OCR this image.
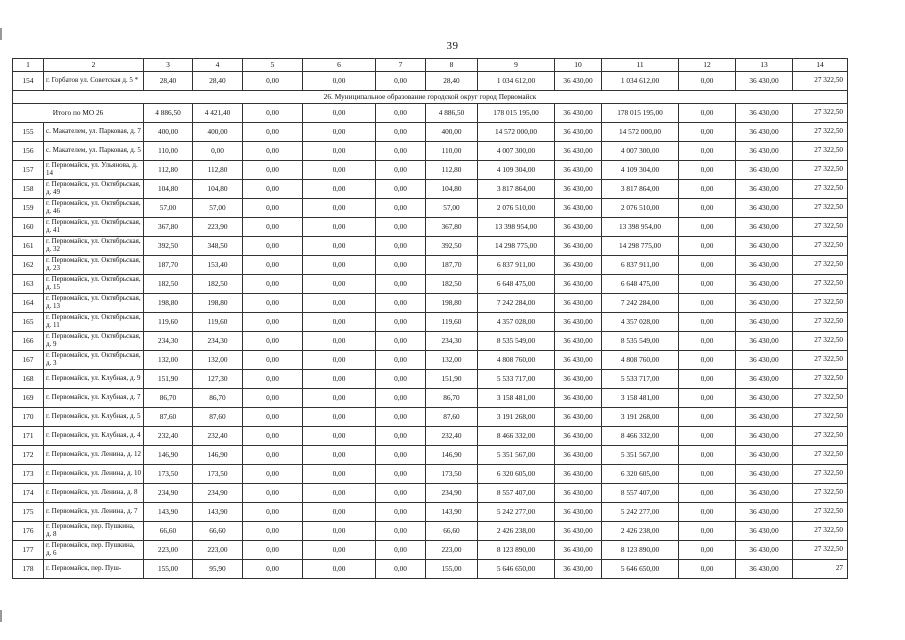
39
1	2	3	4	5	6	7	8	9	10	11	12	13	14
154	г. Горбатов ул. Советская д. 5 *	28,40	28,40	0,00	0,00	0,00	28,40	1 034 612,00	36 430,00	1 034 612,00	0,00	36 430,00	27 322,50
26. Муниципальное образование городской округ город Первомайск													
Итого по МО 26		4 886,50	4 421,40	0,00	0,00	0,00	4 886,50	178 015 195,00	36 430,00	178 015 195,00	0,00	36 430,00	27 322,50
155	с. Макателем, ул. Парковая, д. 7	400,00	400,00	0,00	0,00	0,00	400,00	14 572 000,00	36 430,00	14 572 000,00	0,00	36 430,00	27 322,50
156	с. Макателем, ул. Парковая, д. 5	110,00	0,00	0,00	0,00	0,00	110,00	4 007 300,00	36 430,00	4 007 300,00	0,00	36 430,00	27 322,50
157	г. Первомайск, ул. Ульянова, д. 14	112,80	112,80	0,00	0,00	0,00	112,80	4 109 304,00	36 430,00	4 109 304,00	0,00	36 430,00	27 322,50
158	г. Первомайск, ул. Октябрьская, д. 49	104,80	104,80	0,00	0,00	0,00	104,80	3 817 864,00	36 430,00	3 817 864,00	0,00	36 430,00	27 322,50
159	г. Первомайск, ул. Октябрьская, д. 46	57,00	57,00	0,00	0,00	0,00	57,00	2 076 510,00	36 430,00	2 076 510,00	0,00	36 430,00	27 322,50
160	г. Первомайск, ул. Октябрьская, д. 41	367,80	223,90	0,00	0,00	0,00	367,80	13 398 954,00	36 430,00	13 398 954,00	0,00	36 430,00	27 322,50
161	г. Первомайск, ул. Октябрьская, д. 32	392,50	348,50	0,00	0,00	0,00	392,50	14 298 775,00	36 430,00	14 298 775,00	0,00	36 430,00	27 322,50
162	г. Первомайск, ул. Октябрьская, д. 23	187,70	153,40	0,00	0,00	0,00	187,70	6 837 911,00	36 430,00	6 837 911,00	0,00	36 430,00	27 322,50
163	г. Первомайск, ул. Октябрьская, д. 15	182,50	182,50	0,00	0,00	0,00	182,50	6 648 475,00	36 430,00	6 648 475,00	0,00	36 430,00	27 322,50
164	г. Первомайск, ул. Октябрьская, д. 13	198,80	198,80	0,00	0,00	0,00	198,80	7 242 284,00	36 430,00	7 242 284,00	0,00	36 430,00	27 322,50
165	г. Первомайск, ул. Октябрьская, д. 11	119,60	119,60	0,00	0,00	0,00	119,60	4 357 028,00	36 430,00	4 357 028,00	0,00	36 430,00	27 322,50
166	г. Первомайск, ул. Октябрьская, д. 9	234,30	234,30	0,00	0,00	0,00	234,30	8 535 549,00	36 430,00	8 535 549,00	0,00	36 430,00	27 322,50
167	г. Первомайск, ул. Октябрьская, д. 3	132,00	132,00	0,00	0,00	0,00	132,00	4 808 760,00	36 430,00	4 808 760,00	0,00	36 430,00	27 322,50
168	г. Первомайск, ул. Клубная, д. 9	151,90	127,30	0,00	0,00	0,00	151,90	5 533 717,00	36 430,00	5 533 717,00	0,00	36 430,00	27 322,50
169	г. Первомайск, ул. Клубная, д. 7	86,70	86,70	0,00	0,00	0,00	86,70	3 158 481,00	36 430,00	3 158 481,00	0,00	36 430,00	27 322,50
170	г. Первомайск, ул. Клубная, д. 5	87,60	87,60	0,00	0,00	0,00	87,60	3 191 268,00	36 430,00	3 191 268,00	0,00	36 430,00	27 322,50
171	г. Первомайск, ул. Клубная, д. 4	232,40	232,40	0,00	0,00	0,00	232,40	8 466 332,00	36 430,00	8 466 332,00	0,00	36 430,00	27 322,50
172	г. Первомайск, ул. Ленина, д. 12	146,90	146,90	0,00	0,00	0,00	146,90	5 351 567,00	36 430,00	5 351 567,00	0,00	36 430,00	27 322,50
173	г. Первомайск, ул. Ленина, д. 10	173,50	173,50	0,00	0,00	0,00	173,50	6 320 605,00	36 430,00	6 320 605,00	0,00	36 430,00	27 322,50
174	г. Первомайск, ул. Ленина, д. 8	234,90	234,90	0,00	0,00	0,00	234,90	8 557 407,00	36 430,00	8 557 407,00	0,00	36 430,00	27 322,50
175	г. Первомайск, ул. Ленина, д. 7	143,90	143,90	0,00	0,00	0,00	143,90	5 242 277,00	36 430,00	5 242 277,00	0,00	36 430,00	27 322,50
176	г. Первомайск, пер. Пушкина, д. 8	66,60	66,60	0,00	0,00	0,00	66,60	2 426 238,00	36 430,00	2 426 238,00	0,00	36 430,00	27 322,50
177	г. Первомайск, пер. Пушкина, д. 6	223,00	223,00	0,00	0,00	0,00	223,00	8 123 890,00	36 430,00	8 123 890,00	0,00	36 430,00	27 322,50
178	г. Первомайск, пер. Пуш-	155,00	95,90	0,00	0,00	0,00	155,00	5 646 650,00	36 430,00	5 646 650,00	0,00	36 430,00	27
